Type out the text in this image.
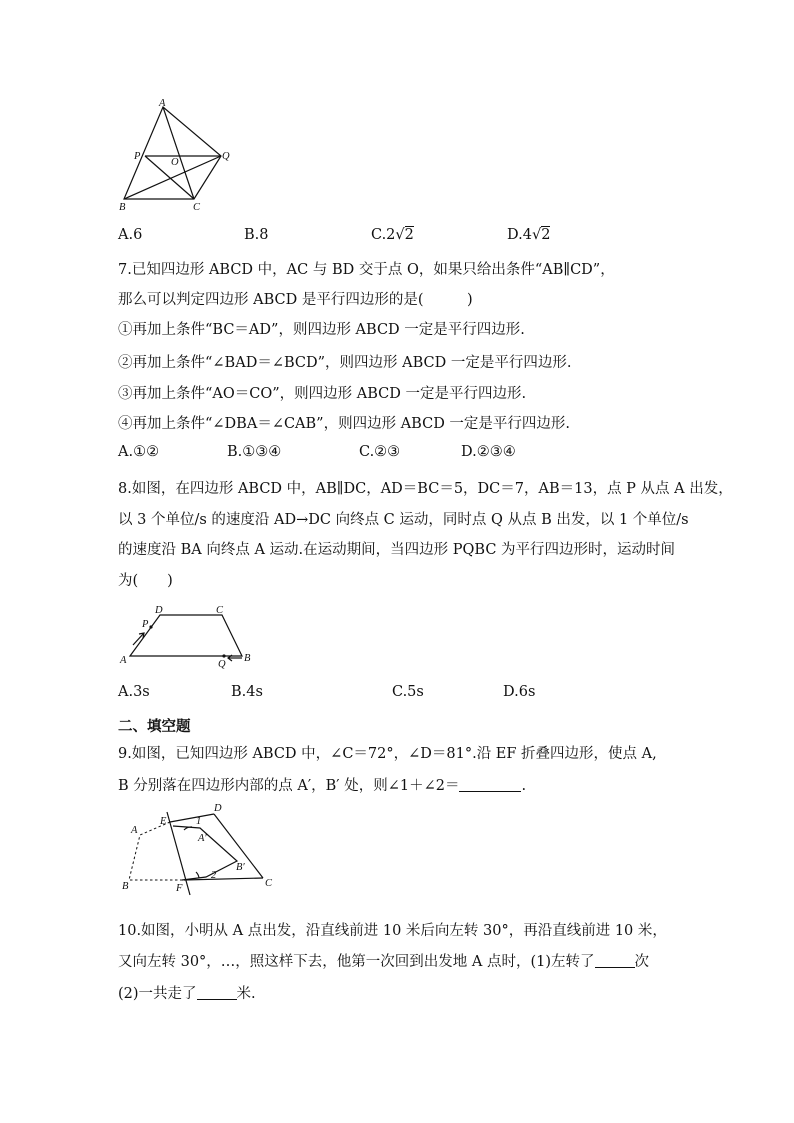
A
P
O
Q
B	C
A.6	B.8	C.2√2	D.4√2
7.已知四边形 ABCD 中，AC 与 BD 交于点 O，如果只给出条件“AB∥CD”，
那么可以判定四边形 ABCD 是平行四边形的是(　　　)
①再加上条件“BC＝AD”，则四边形 ABCD 一定是平行四边形.
②再加上条件“∠BAD＝∠BCD”，则四边形 ABCD 一定是平行四边形.
③再加上条件“AO＝CO”，则四边形 ABCD 一定是平行四边形.
④再加上条件“∠DBA＝∠CAB”，则四边形 ABCD 一定是平行四边形.
A.①②	B.①③④	C.②③	D.②③④
8.如图，在四边形 ABCD 中，AB∥DC，AD＝BC＝5，DC＝7，AB＝13，点 P 从点 A 出发，
以 3 个单位/s 的速度沿 AD→DC 向终点 C 运动，同时点 Q 从点 B 出发，以 1 个单位/s
的速度沿 BA 向终点 A 运动.在运动期间，当四边形 PQBC 为平行四边形时，运动时间
为(　　)
D	C
P
A	Q
B
A.3s	B.4s	C.5s	D.6s
二、填空题
9.如图，已知四边形 ABCD 中，∠C＝72°，∠D＝81°.沿 EF 折叠四边形，使点 A,
B 分别落在四边形内部的点 A′，B′ 处，则∠1＋∠2＝	.
A
E
D
1
A′
B′
2
B	F	C
10.如图，小明从 A 点出发，沿直线前进 10 米后向左转 30°，再沿直线前进 10 米，
又向左转 30°，…，照这样下去，他第一次回到出发地 A 点时，(1)左转了	次
(2)一共走了	米.
